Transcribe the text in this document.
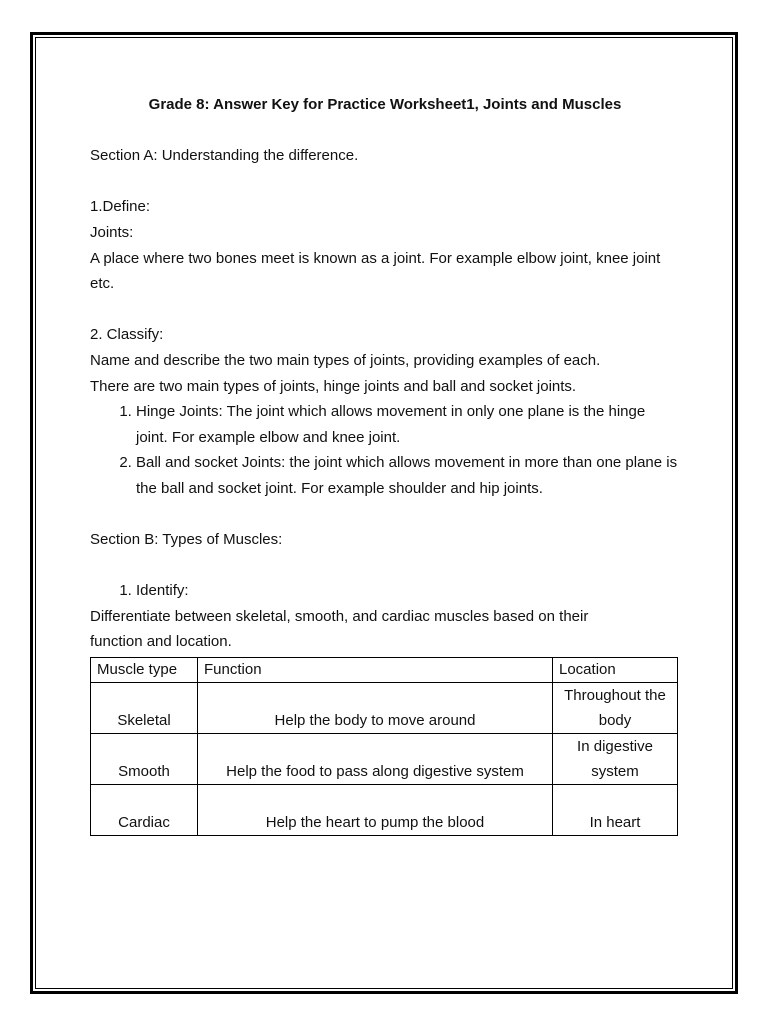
Grade 8: Answer Key for Practice Worksheet1, Joints and Muscles

Section A: Understanding the difference.

1.Define:

Joints:

A place where two bones meet is known as a joint. For example elbow joint, knee joint etc.

2. Classify:

Name and describe the two main types of joints, providing examples of each.

There are two main types of joints, hinge joints and ball and socket joints.

1. Hinge Joints: The joint which allows movement in only one plane is the hinge joint. For example elbow and knee joint.
2. Ball and socket Joints: the joint which allows movement in more than one plane is the ball and socket joint. For example shoulder and hip joints.

Section B: Types of Muscles:

1. Identify:

Differentiate between skeletal, smooth, and cardiac muscles based on their function and location.

Muscle type	Function	Location
Skeletal	Help the body to move around	Throughout the body
Smooth	Help the food to pass along digestive system	In digestive system
Cardiac	Help the heart to pump the blood	In heart
